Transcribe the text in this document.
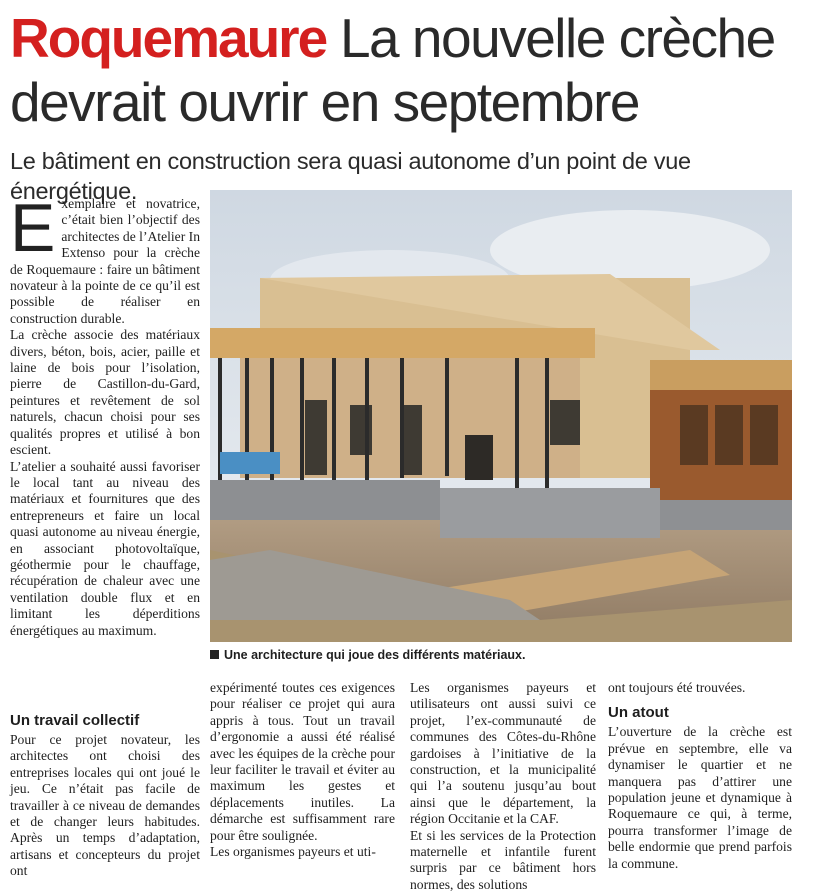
Roquemaure La nouvelle crèche devrait ouvrir en septembre
Le bâtiment en construction sera quasi autonome d’un point de vue énergétique.

Exemplaire et novatrice, c’était bien l’objectif des architectes de l’Atelier In Extenso pour la crèche de Roquemaure : faire un bâtiment novateur à la pointe de ce qu’il est possible de réaliser en construction durable.

La crèche associe des matériaux divers, béton, bois, acier, paille et laine de bois pour l’isolation, pierre de Castillon-du-Gard, peintures et revêtement de sol naturels, chacun choisi pour ses qualités propres et utilisé à bon escient.

L’atelier a souhaité aussi favoriser le local tant au niveau des matériaux et fournitures que des entrepreneurs et faire un local quasi autonome au niveau énergie, en associant photovoltaïque, géothermie pour le chauffage, récupération de chaleur avec une ventilation double flux et en limitant les déperditions énergétiques au maximum.

Un travail collectif

Pour ce projet novateur, les architectes ont choisi des entreprises locales qui ont joué le jeu. Ce n’était pas facile de travailler à ce niveau de demandes et de changer leurs habitudes. Après un temps d’adaptation, artisans et concepteurs du projet ont

expérimenté toutes ces exigences pour réaliser ce projet qui aura appris à tous. Tout un travail d’ergonomie a aussi été réalisé avec les équipes de la crèche pour leur faciliter le travail et éviter au maximum les gestes et déplacements inutiles. La démarche est suffisamment rare pour être soulignée.

Les organismes payeurs et uti-

Les organismes payeurs et utilisateurs ont aussi suivi ce projet, l’ex-communauté de communes des Côtes-du-Rhône gardoises à l’initiative de la construction, et la municipalité qui l’a soutenu jusqu’au bout ainsi que le département, la région Occitanie et la CAF.

Et si les services de la Protection maternelle et infantile furent surpris par ce bâtiment hors normes, des solutions

ont toujours été trouvées.

Un atout

L’ouverture de la crèche est prévue en septembre, elle va dynamiser le quartier et ne manquera pas d’attirer une population jeune et dynamique à Roquemaure ce qui, à terme, pourra transformer l’image de belle endormie que prend parfois la commune.

Une architecture qui joue des différents matériaux.
